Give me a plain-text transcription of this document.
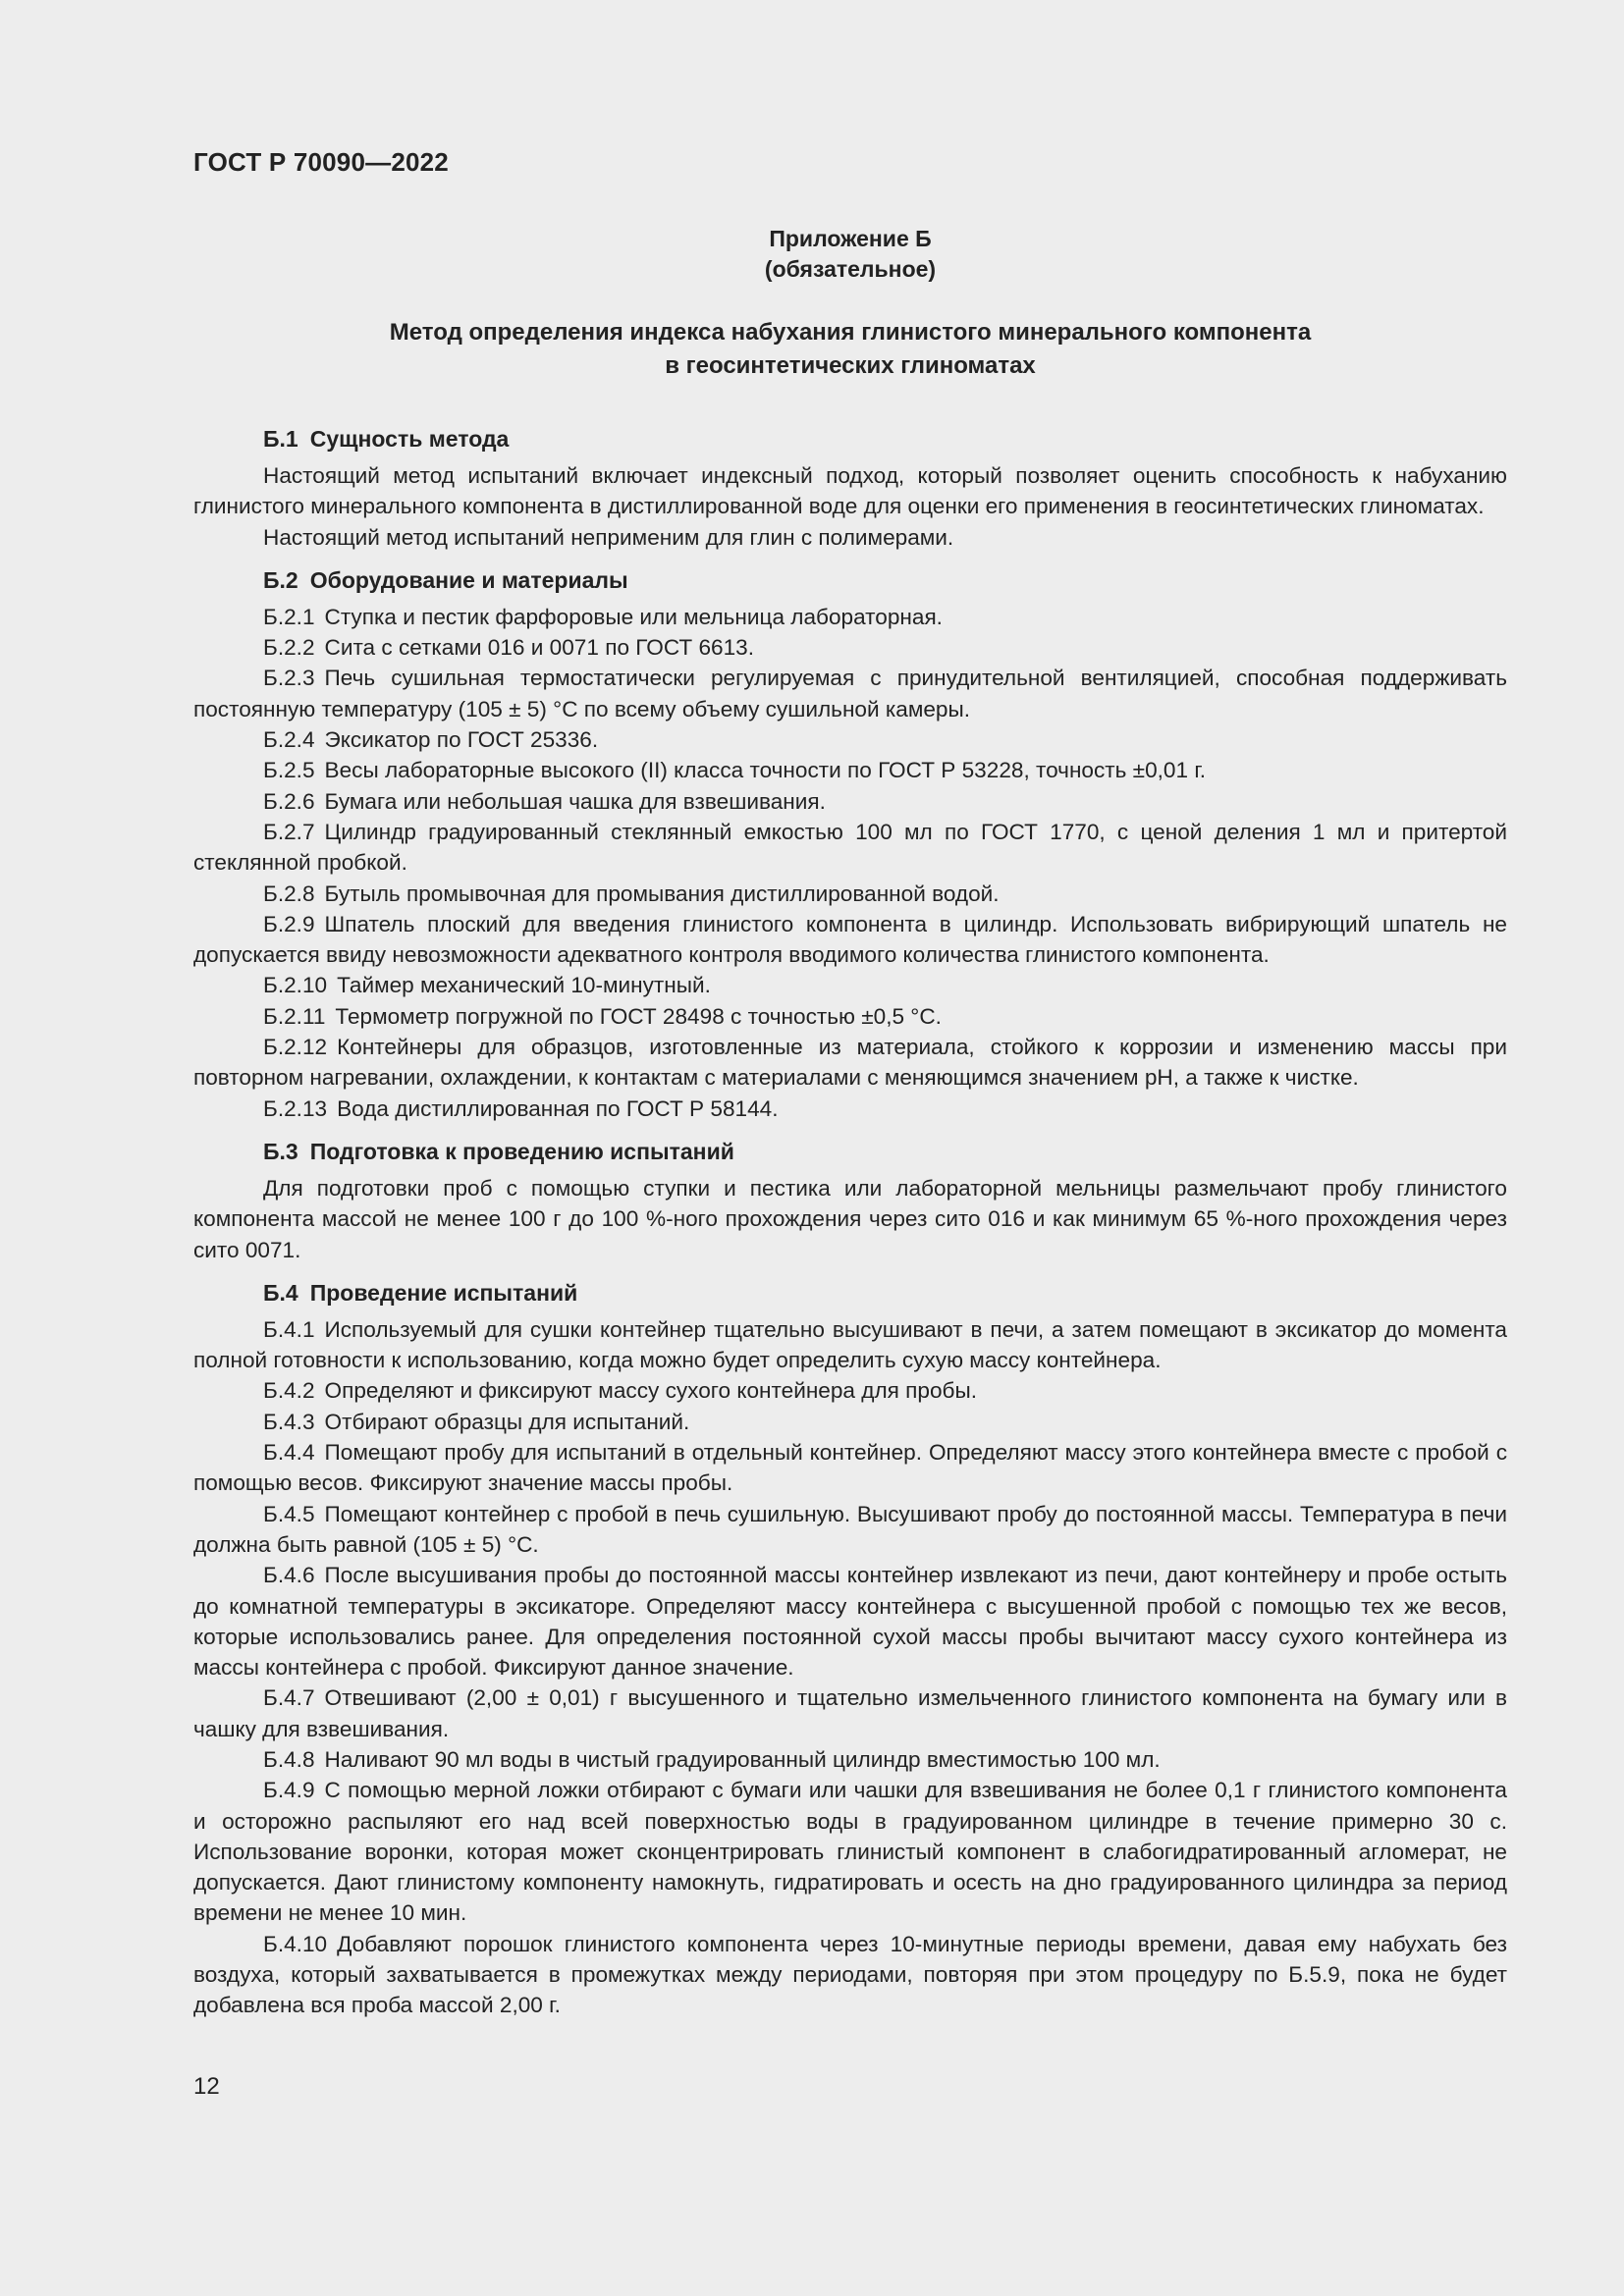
ГОСТ Р 70090—2022
Приложение Б
(обязательное)
Метод определения индекса набухания глинистого минерального компонента
в геосинтетических глиноматах
Б.1 Сущность метода

Настоящий метод испытаний включает индексный подход, который позволяет оценить способность к набуханию глинистого минерального компонента в дистиллированной воде для оценки его применения в геосинтетических глиноматах.

Настоящий метод испытаний неприменим для глин с полимерами.

Б.2 Оборудование и материалы

Б.2.1 Ступка и пестик фарфоровые или мельница лабораторная.

Б.2.2 Сита с сетками 016 и 0071 по ГОСТ 6613.

Б.2.3 Печь сушильная термостатически регулируемая с принудительной вентиляцией, способная поддерживать постоянную температуру (105 ± 5) °C по всему объему сушильной камеры.

Б.2.4 Эксикатор по ГОСТ 25336.

Б.2.5 Весы лабораторные высокого (II) класса точности по ГОСТ Р 53228, точность ±0,01 г.

Б.2.6 Бумага или небольшая чашка для взвешивания.

Б.2.7 Цилиндр градуированный стеклянный емкостью 100 мл по ГОСТ 1770, с ценой деления 1 мл и притертой стеклянной пробкой.

Б.2.8 Бутыль промывочная для промывания дистиллированной водой.

Б.2.9 Шпатель плоский для введения глинистого компонента в цилиндр. Использовать вибрирующий шпатель не допускается ввиду невозможности адекватного контроля вводимого количества глинистого компонента.

Б.2.10 Таймер механический 10-минутный.

Б.2.11 Термометр погружной по ГОСТ 28498 с точностью ±0,5 °C.

Б.2.12 Контейнеры для образцов, изготовленные из материала, стойкого к коррозии и изменению массы при повторном нагревании, охлаждении, к контактам с материалами с меняющимся значением pH, а также к чистке.

Б.2.13 Вода дистиллированная по ГОСТ Р 58144.

Б.3 Подготовка к проведению испытаний

Для подготовки проб с помощью ступки и пестика или лабораторной мельницы размельчают пробу глинистого компонента массой не менее 100 г до 100 %-ного прохождения через сито 016 и как минимум 65 %-ного прохождения через сито 0071.

Б.4 Проведение испытаний

Б.4.1 Используемый для сушки контейнер тщательно высушивают в печи, а затем помещают в эксикатор до момента полной готовности к использованию, когда можно будет определить сухую массу контейнера.

Б.4.2 Определяют и фиксируют массу сухого контейнера для пробы.

Б.4.3 Отбирают образцы для испытаний.

Б.4.4 Помещают пробу для испытаний в отдельный контейнер. Определяют массу этого контейнера вместе с пробой с помощью весов. Фиксируют значение массы пробы.

Б.4.5 Помещают контейнер с пробой в печь сушильную. Высушивают пробу до постоянной массы. Температура в печи должна быть равной (105 ± 5) °C.

Б.4.6 После высушивания пробы до постоянной массы контейнер извлекают из печи, дают контейнеру и пробе остыть до комнатной температуры в эксикаторе. Определяют массу контейнера с высушенной пробой с помощью тех же весов, которые использовались ранее. Для определения постоянной сухой массы пробы вычитают массу сухого контейнера из массы контейнера с пробой. Фиксируют данное значение.

Б.4.7 Отвешивают (2,00 ± 0,01) г высушенного и тщательно измельченного глинистого компонента на бумагу или в чашку для взвешивания.

Б.4.8 Наливают 90 мл воды в чистый градуированный цилиндр вместимостью 100 мл.

Б.4.9 С помощью мерной ложки отбирают с бумаги или чашки для взвешивания не более 0,1 г глинистого компонента и осторожно распыляют его над всей поверхностью воды в градуированном цилиндре в течение примерно 30 с. Использование воронки, которая может сконцентрировать глинистый компонент в слабогидратированный агломерат, не допускается. Дают глинистому компоненту намокнуть, гидратировать и осесть на дно градуированного цилиндра за период времени не менее 10 мин.

Б.4.10 Добавляют порошок глинистого компонента через 10-минутные периоды времени, давая ему набухать без воздуха, который захватывается в промежутках между периодами, повторяя при этом процедуру по Б.5.9, пока не будет добавлена вся проба массой 2,00 г.

12
